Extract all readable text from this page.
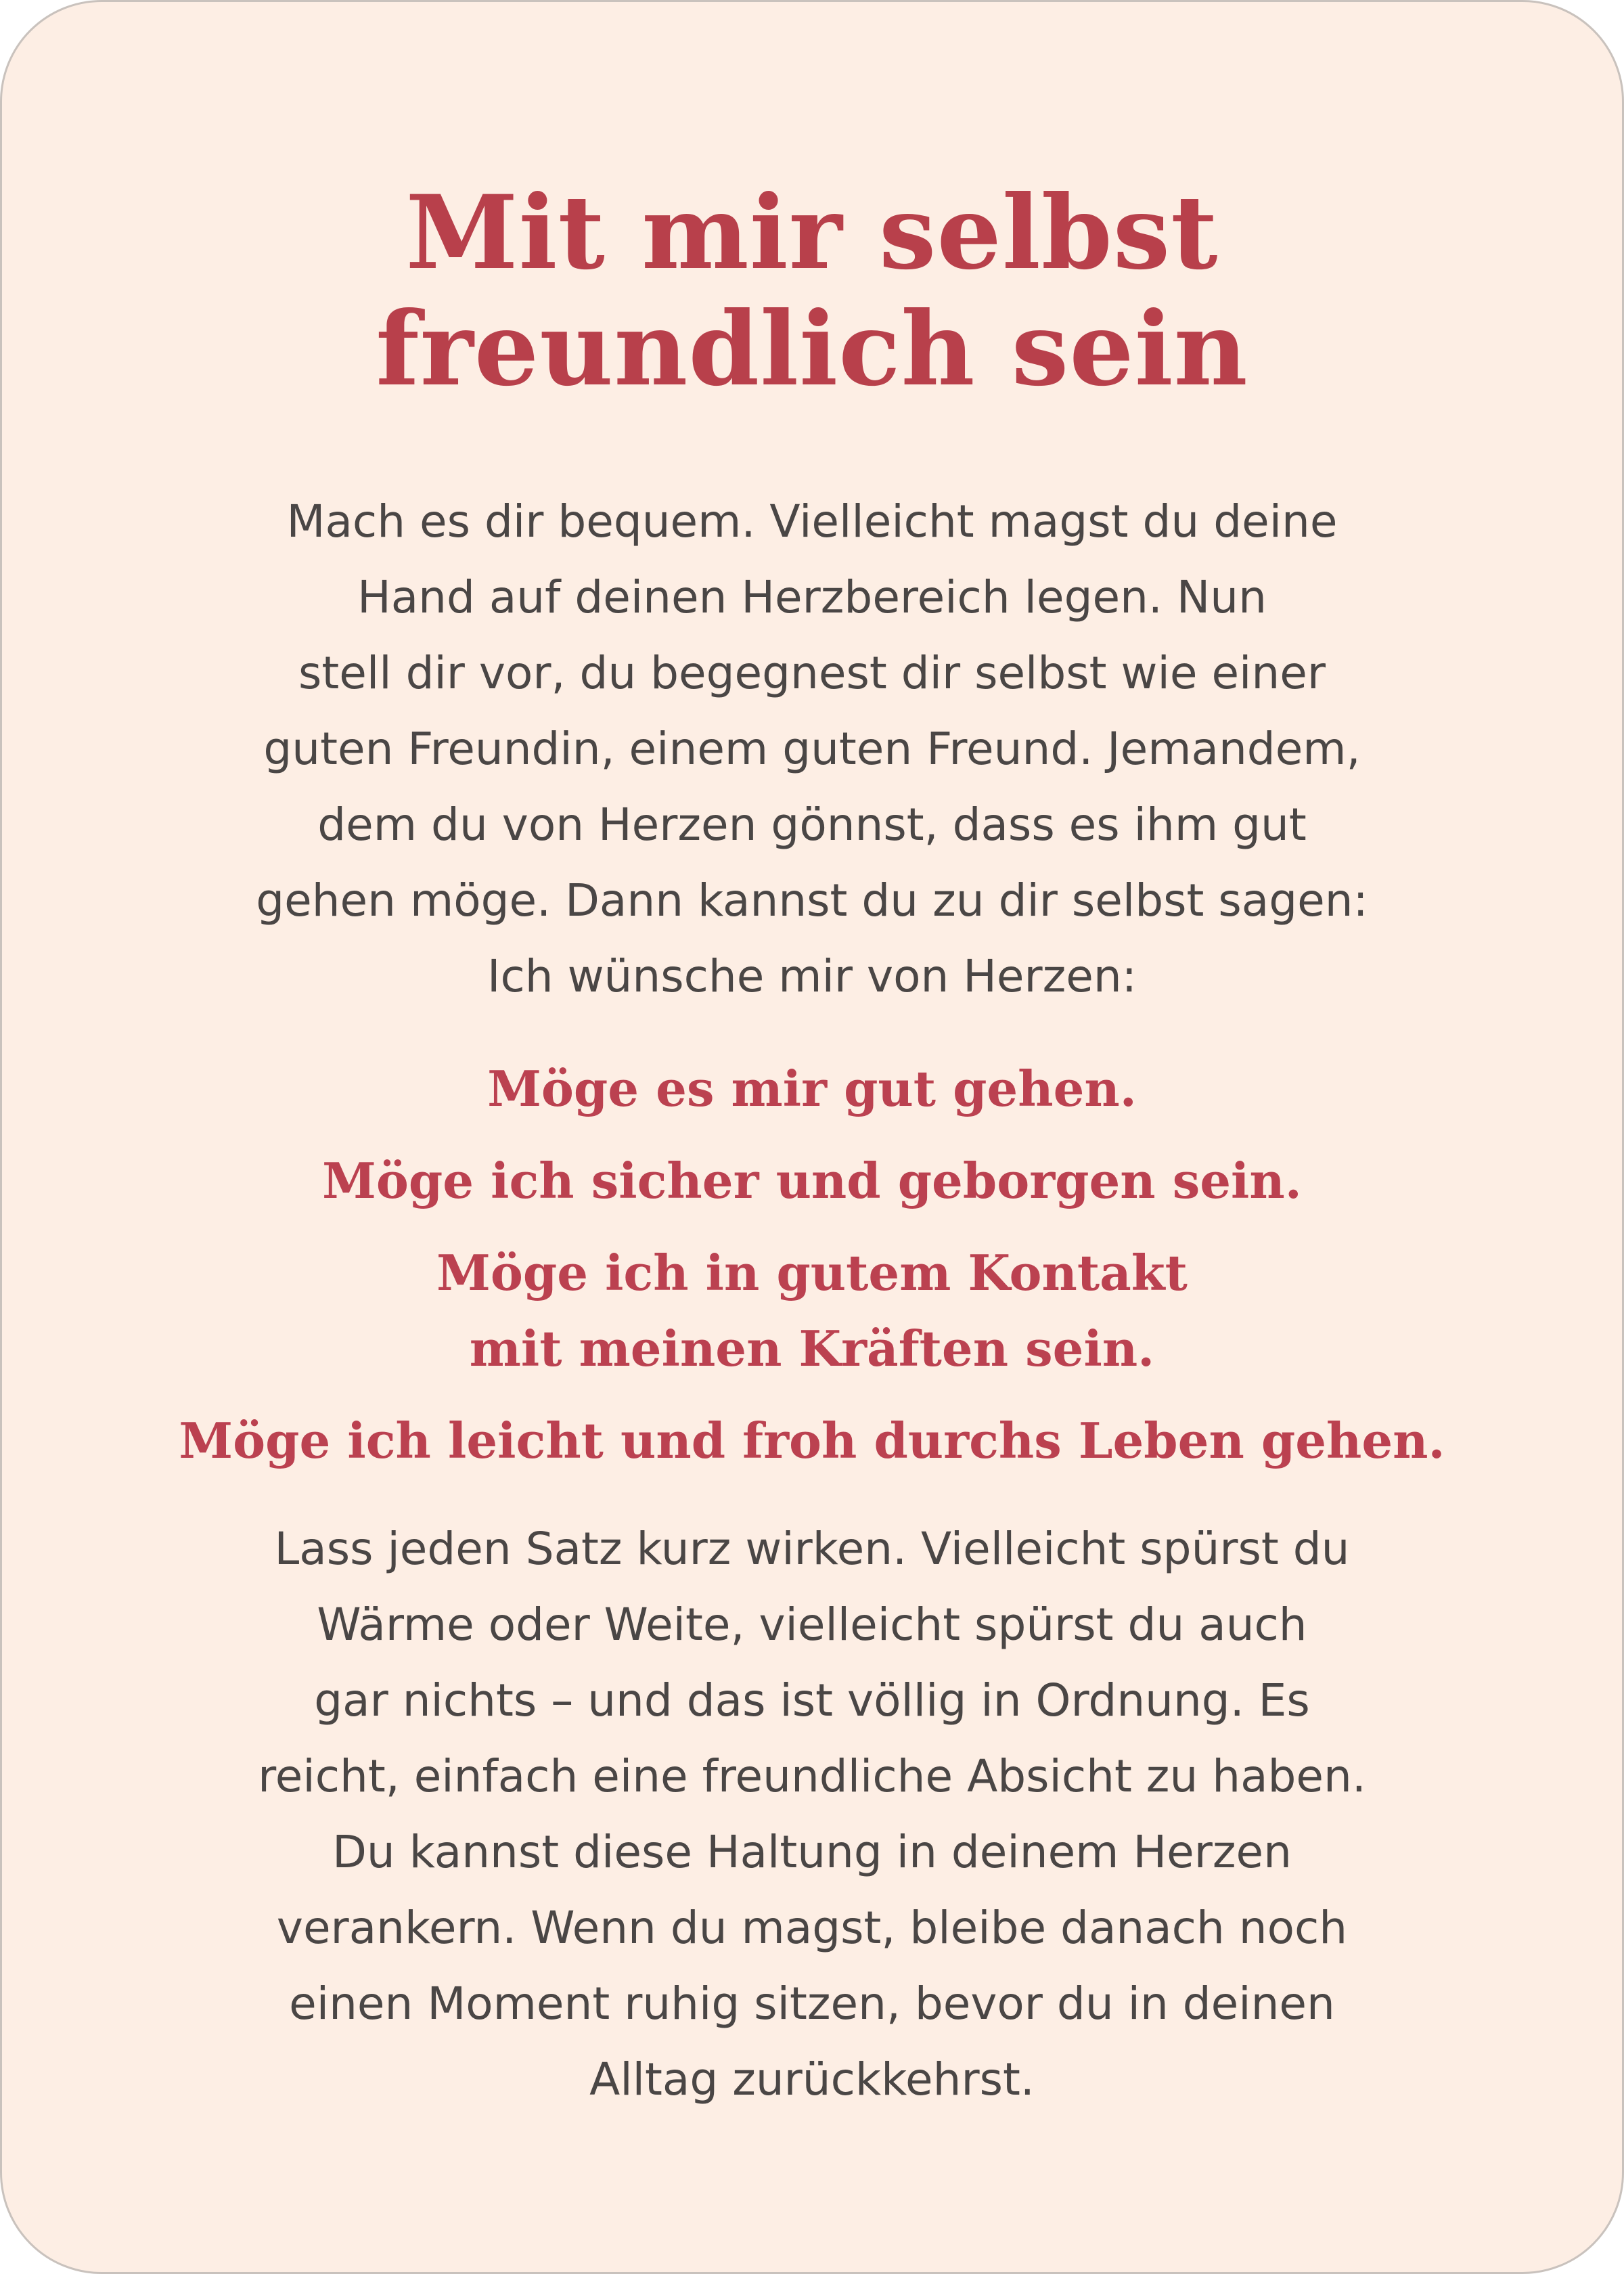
Mit mir selbst
freundlich sein

Mach es dir bequem. Vielleicht magst du deine
Hand auf deinen Herzbereich legen. Nun
stell dir vor, du begegnest dir selbst wie einer
guten Freundin, einem guten Freund. Jemandem,
dem du von Herzen gönnst, dass es ihm gut
gehen möge. Dann kannst du zu dir selbst sagen:
Ich wünsche mir von Herzen:

Möge es mir gut gehen.
Möge ich sicher und geborgen sein.
Möge ich in gutem Kontakt
mit meinen Kräften sein.
Möge ich leicht und froh durchs Leben gehen.

Lass jeden Satz kurz wirken. Vielleicht spürst du
Wärme oder Weite, vielleicht spürst du auch
gar nichts – und das ist völlig in Ordnung. Es
reicht, einfach eine freundliche Absicht zu haben.
Du kannst diese Haltung in deinem Herzen
verankern. Wenn du magst, bleibe danach noch
einen Moment ruhig sitzen, bevor du in deinen
Alltag zurückkehrst.
